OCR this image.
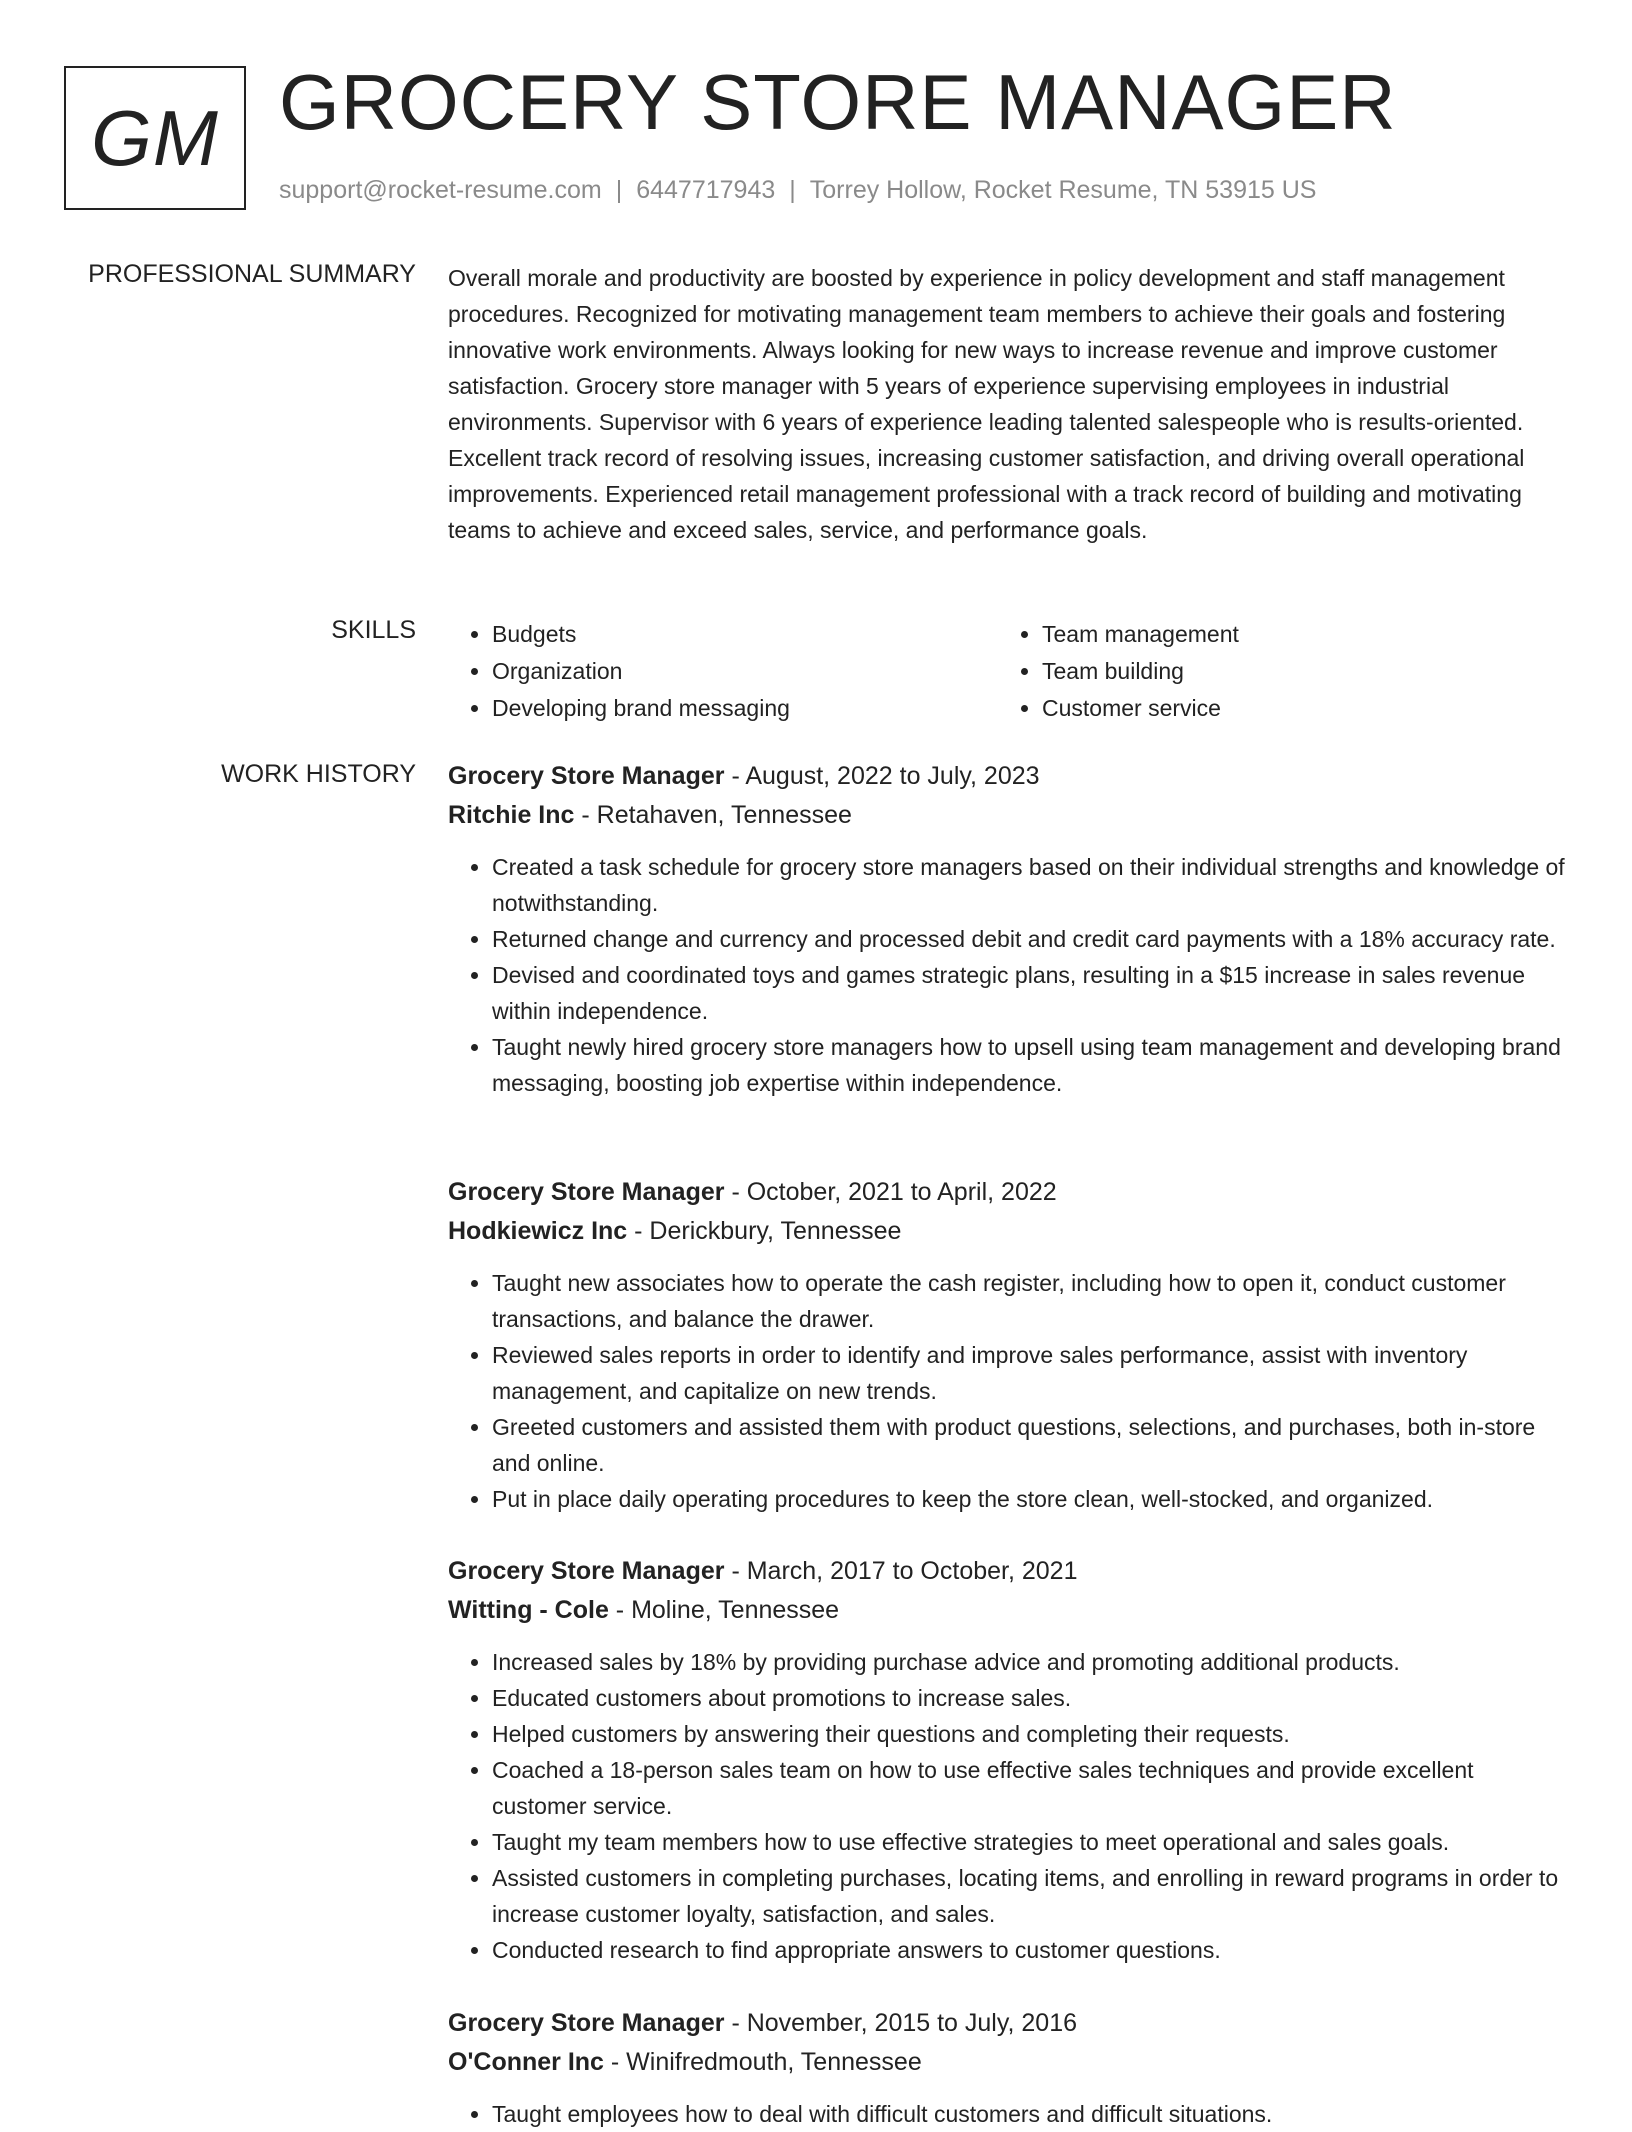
GM GROCERY STORE MANAGER
support@rocket-resume.com | 6447717943 | Torrey Hollow, Rocket Resume, TN 53915 US
PROFESSIONAL SUMMARY Overall morale and productivity are boosted by experience in policy development and staff management procedures. Recognized for motivating management team members to achieve their goals and fostering innovative work environments. Always looking for new ways to increase revenue and improve customer satisfaction. Grocery store manager with 5 years of experience supervising employees in industrial environments. Supervisor with 6 years of experience leading talented salespeople who is results-oriented. Excellent track record of resolving issues, increasing customer satisfaction, and driving overall operational improvements. Experienced retail management professional with a track record of building and motivating teams to achieve and exceed sales, service, and performance goals.

SKILLS
•	Budgets
• Organization
• Developing brand messaging
• Team management
• Team building
• Customer service
WORK HISTORY Grocery Store Manager - August, 2022 to July, 2023
Ritchie Inc - Retahaven, Tennessee
• Created a task schedule for grocery store managers based on their individual strengths and knowledge of notwithstanding.
• Returned change and currency and processed debit and credit card payments with a 18% accuracy rate.
• Devised and coordinated toys and games strategic plans, resulting in a $15 increase in sales revenue within independence.
• Taught newly hired grocery store managers how to upsell using team management and developing brand messaging, boosting job expertise within independence.
Grocery Store Manager - October, 2021 to April, 2022
Hodkiewicz Inc - Derickbury, Tennessee
• Taught new associates how to operate the cash register, including how to open it, conduct customer transactions, and balance the drawer.
• Reviewed sales reports in order to identify and improve sales performance, assist with inventory management, and capitalize on new trends.
• Greeted customers and assisted them with product questions, selections, and purchases, both in-store and online.
• Put in place daily operating procedures to keep the store clean, well-stocked, and organized.
Grocery Store Manager - March, 2017 to October, 2021
Witting - Cole - Moline, Tennessee
• Increased sales by 18% by providing purchase advice and promoting additional products.
• Educated customers about promotions to increase sales.
• Helped customers by answering their questions and completing their requests.
• Coached a 18-person sales team on how to use effective sales techniques and provide excellent customer service.
• Taught my team members how to use effective strategies to meet operational and sales goals.
• Assisted customers in completing purchases, locating items, and enrolling in reward programs in order to increase customer loyalty, satisfaction, and sales.
• Conducted research to find appropriate answers to customer questions.
Grocery Store Manager - November, 2015 to July, 2016
O'Conner Inc - Winifredmouth, Tennessee
• Taught employees how to deal with difficult customers and difficult situations.
